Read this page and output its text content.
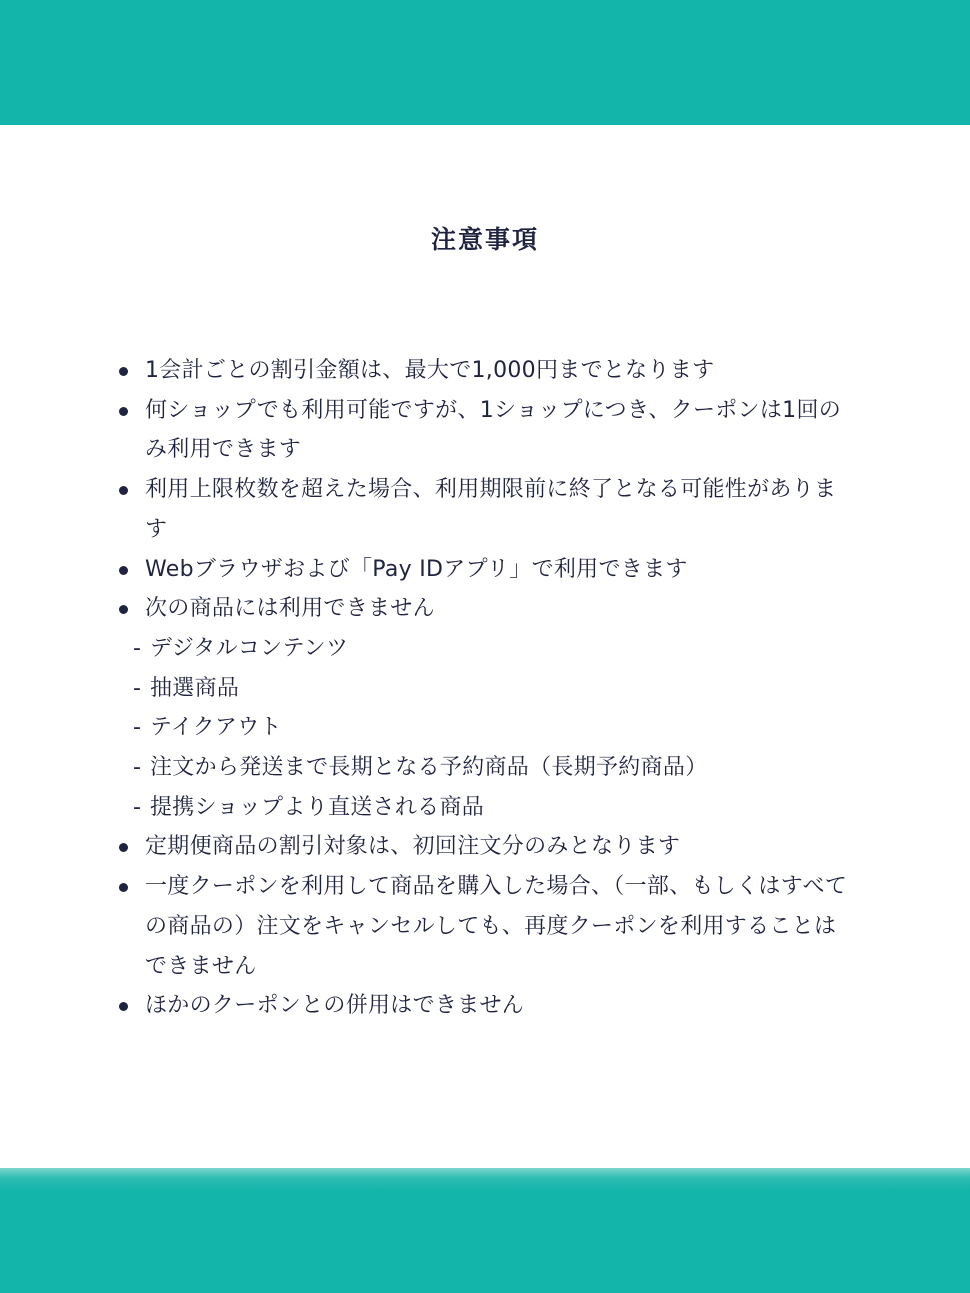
注意事項
1会計ごとの割引金額は、最大で1,000円までとなります
何ショップでも利用可能ですが、1ショップにつき、クーポンは1回のみ利用できます
利用上限枚数を超えた場合、利用期限前に終了となる可能性があります
Webブラウザおよび「Pay IDアプリ」で利用できます
次の商品には利用できません
- デジタルコンテンツ
- 抽選商品
- テイクアウト
- 注文から発送まで長期となる予約商品（長期予約商品）
- 提携ショップより直送される商品
定期便商品の割引対象は、初回注文分のみとなります
一度クーポンを利用して商品を購入した場合、（一部、もしくはすべての商品の）注文をキャンセルしても、再度クーポンを利用することはできません
ほかのクーポンとの併用はできません
